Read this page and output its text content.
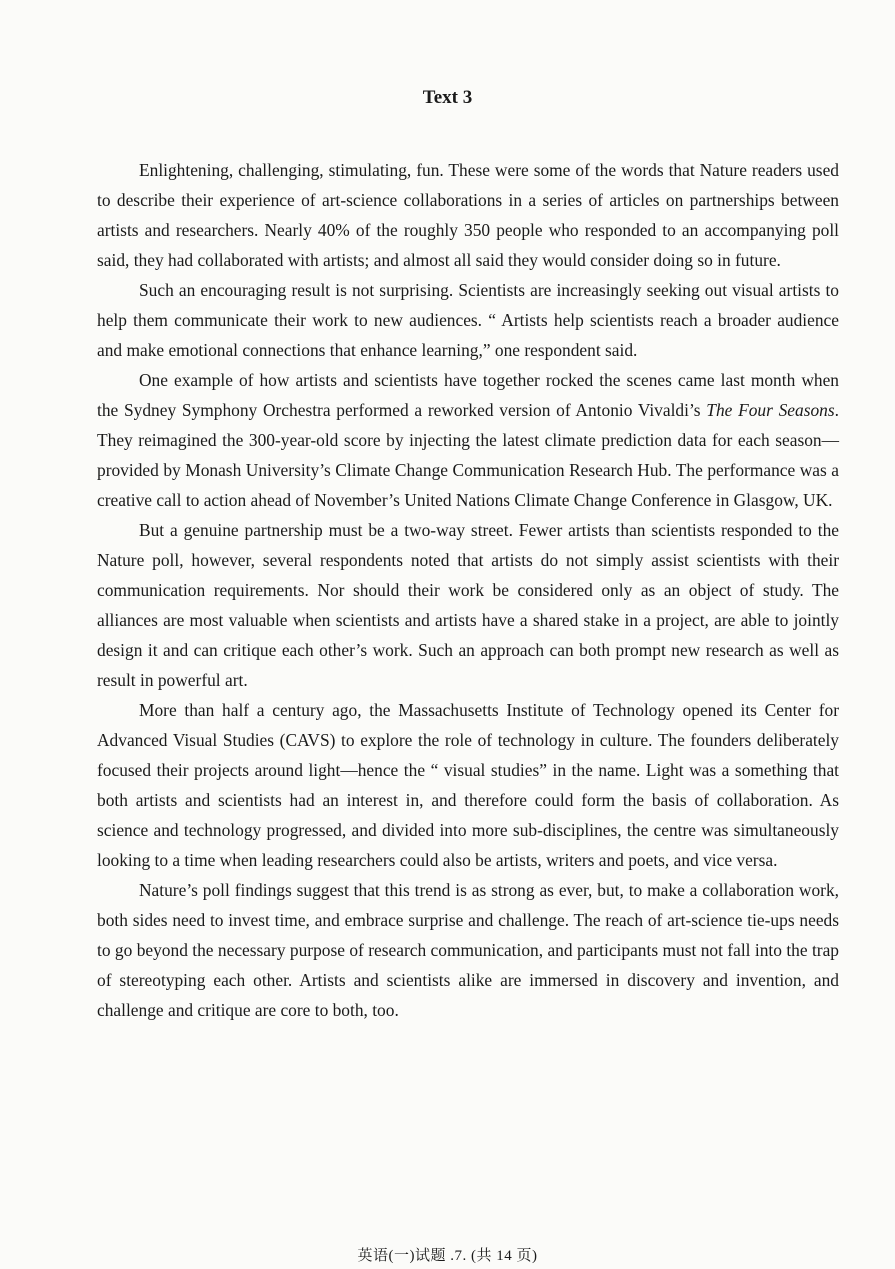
Text 3

Enlightening, challenging, stimulating, fun. These were some of the words that Nature readers used to describe their experience of art-science collaborations in a series of articles on partnerships between artists and researchers. Nearly 40% of the roughly 350 people who responded to an accompanying poll said, they had collaborated with artists; and almost all said they would consider doing so in future.

Such an encouraging result is not surprising. Scientists are increasingly seeking out visual artists to help them communicate their work to new audiences. “ Artists help scientists reach a broader audience and make emotional connections that enhance learning,” one respondent said.

One example of how artists and scientists have together rocked the scenes came last month when the Sydney Symphony Orchestra performed a reworked version of Antonio Vivaldi’s The Four Seasons. They reimagined the 300-year-old score by injecting the latest climate prediction data for each season—provided by Monash University’s Climate Change Communication Research Hub. The performance was a creative call to action ahead of November’s United Nations Climate Change Conference in Glasgow, UK.

But a genuine partnership must be a two-way street. Fewer artists than scientists responded to the Nature poll, however, several respondents noted that artists do not simply assist scientists with their communication requirements. Nor should their work be considered only as an object of study. The alliances are most valuable when scientists and artists have a shared stake in a project, are able to jointly design it and can critique each other’s work. Such an approach can both prompt new research as well as result in powerful art.

More than half a century ago, the Massachusetts Institute of Technology opened its Center for Advanced Visual Studies (CAVS) to explore the role of technology in culture. The founders deliberately focused their projects around light—hence the “ visual studies” in the name. Light was a something that both artists and scientists had an interest in, and therefore could form the basis of collaboration. As science and technology progressed, and divided into more sub-disciplines, the centre was simultaneously looking to a time when leading researchers could also be artists, writers and poets, and vice versa.

Nature’s poll findings suggest that this trend is as strong as ever, but, to make a collaboration work, both sides need to invest time, and embrace surprise and challenge. The reach of art-science tie-ups needs to go beyond the necessary purpose of research communication, and participants must not fall into the trap of stereotyping each other. Artists and scientists alike are immersed in discovery and invention, and challenge and critique are core to both, too.

英语(一)试题 .7. (共 14 页)
